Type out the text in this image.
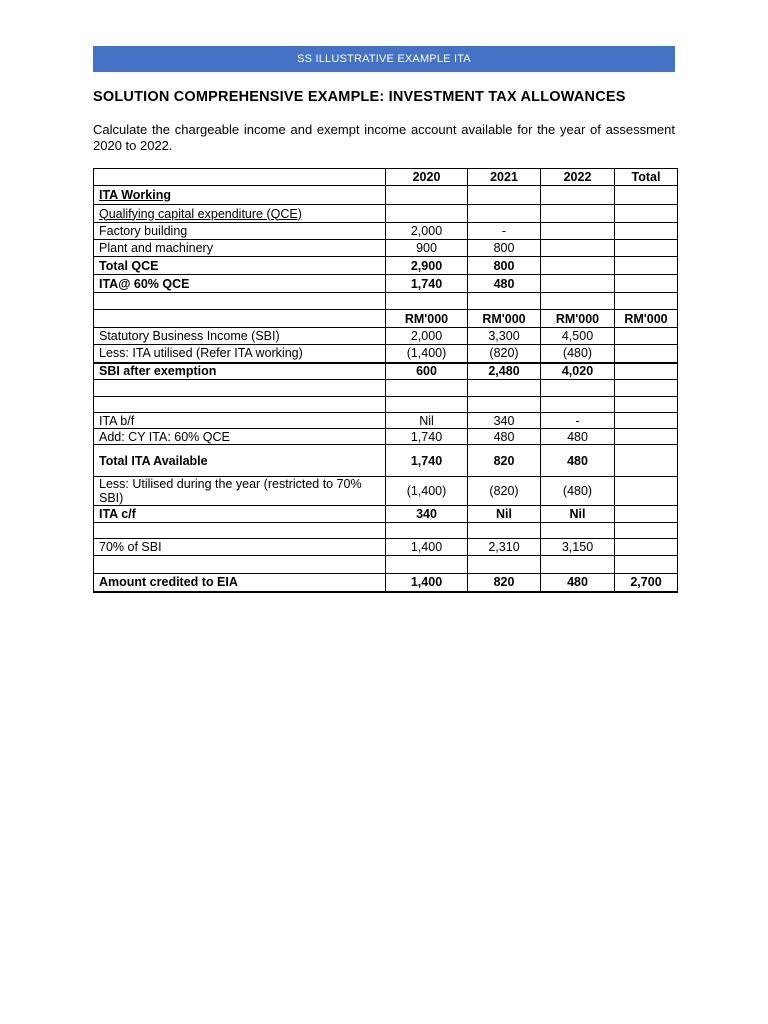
SS ILLUSTRATIVE EXAMPLE ITA
SOLUTION COMPREHENSIVE EXAMPLE: INVESTMENT TAX ALLOWANCES
Calculate the chargeable income and exempt income account available for the year of assessment 2020 to 2022.
	2020	2021	2022	Total
ITA Working				
Qualifying capital expenditure (QCE)				
Factory building	2,000	-		
Plant and machinery	900	800		
Total QCE	2,900	800		
ITA@ 60% QCE	1,740	480		

	RM'000	RM'000	RM'000	RM'000
Statutory Business Income (SBI)	2,000	3,300	4,500	
Less: ITA utilised (Refer ITA working)	(1,400)	(820)	(480)	
SBI after exemption	600	2,480	4,020	

ITA b/f	Nil	340	-	
Add: CY ITA: 60% QCE	1,740	480	480	
Total ITA Available	1,740	820	480	
Less: Utilised during the year (restricted to 70% SBI)	(1,400)	(820)	(480)	
ITA c/f	340	Nil	Nil	

70% of SBI	1,400	2,310	3,150	

Amount credited to EIA	1,400	820	480	2,700
